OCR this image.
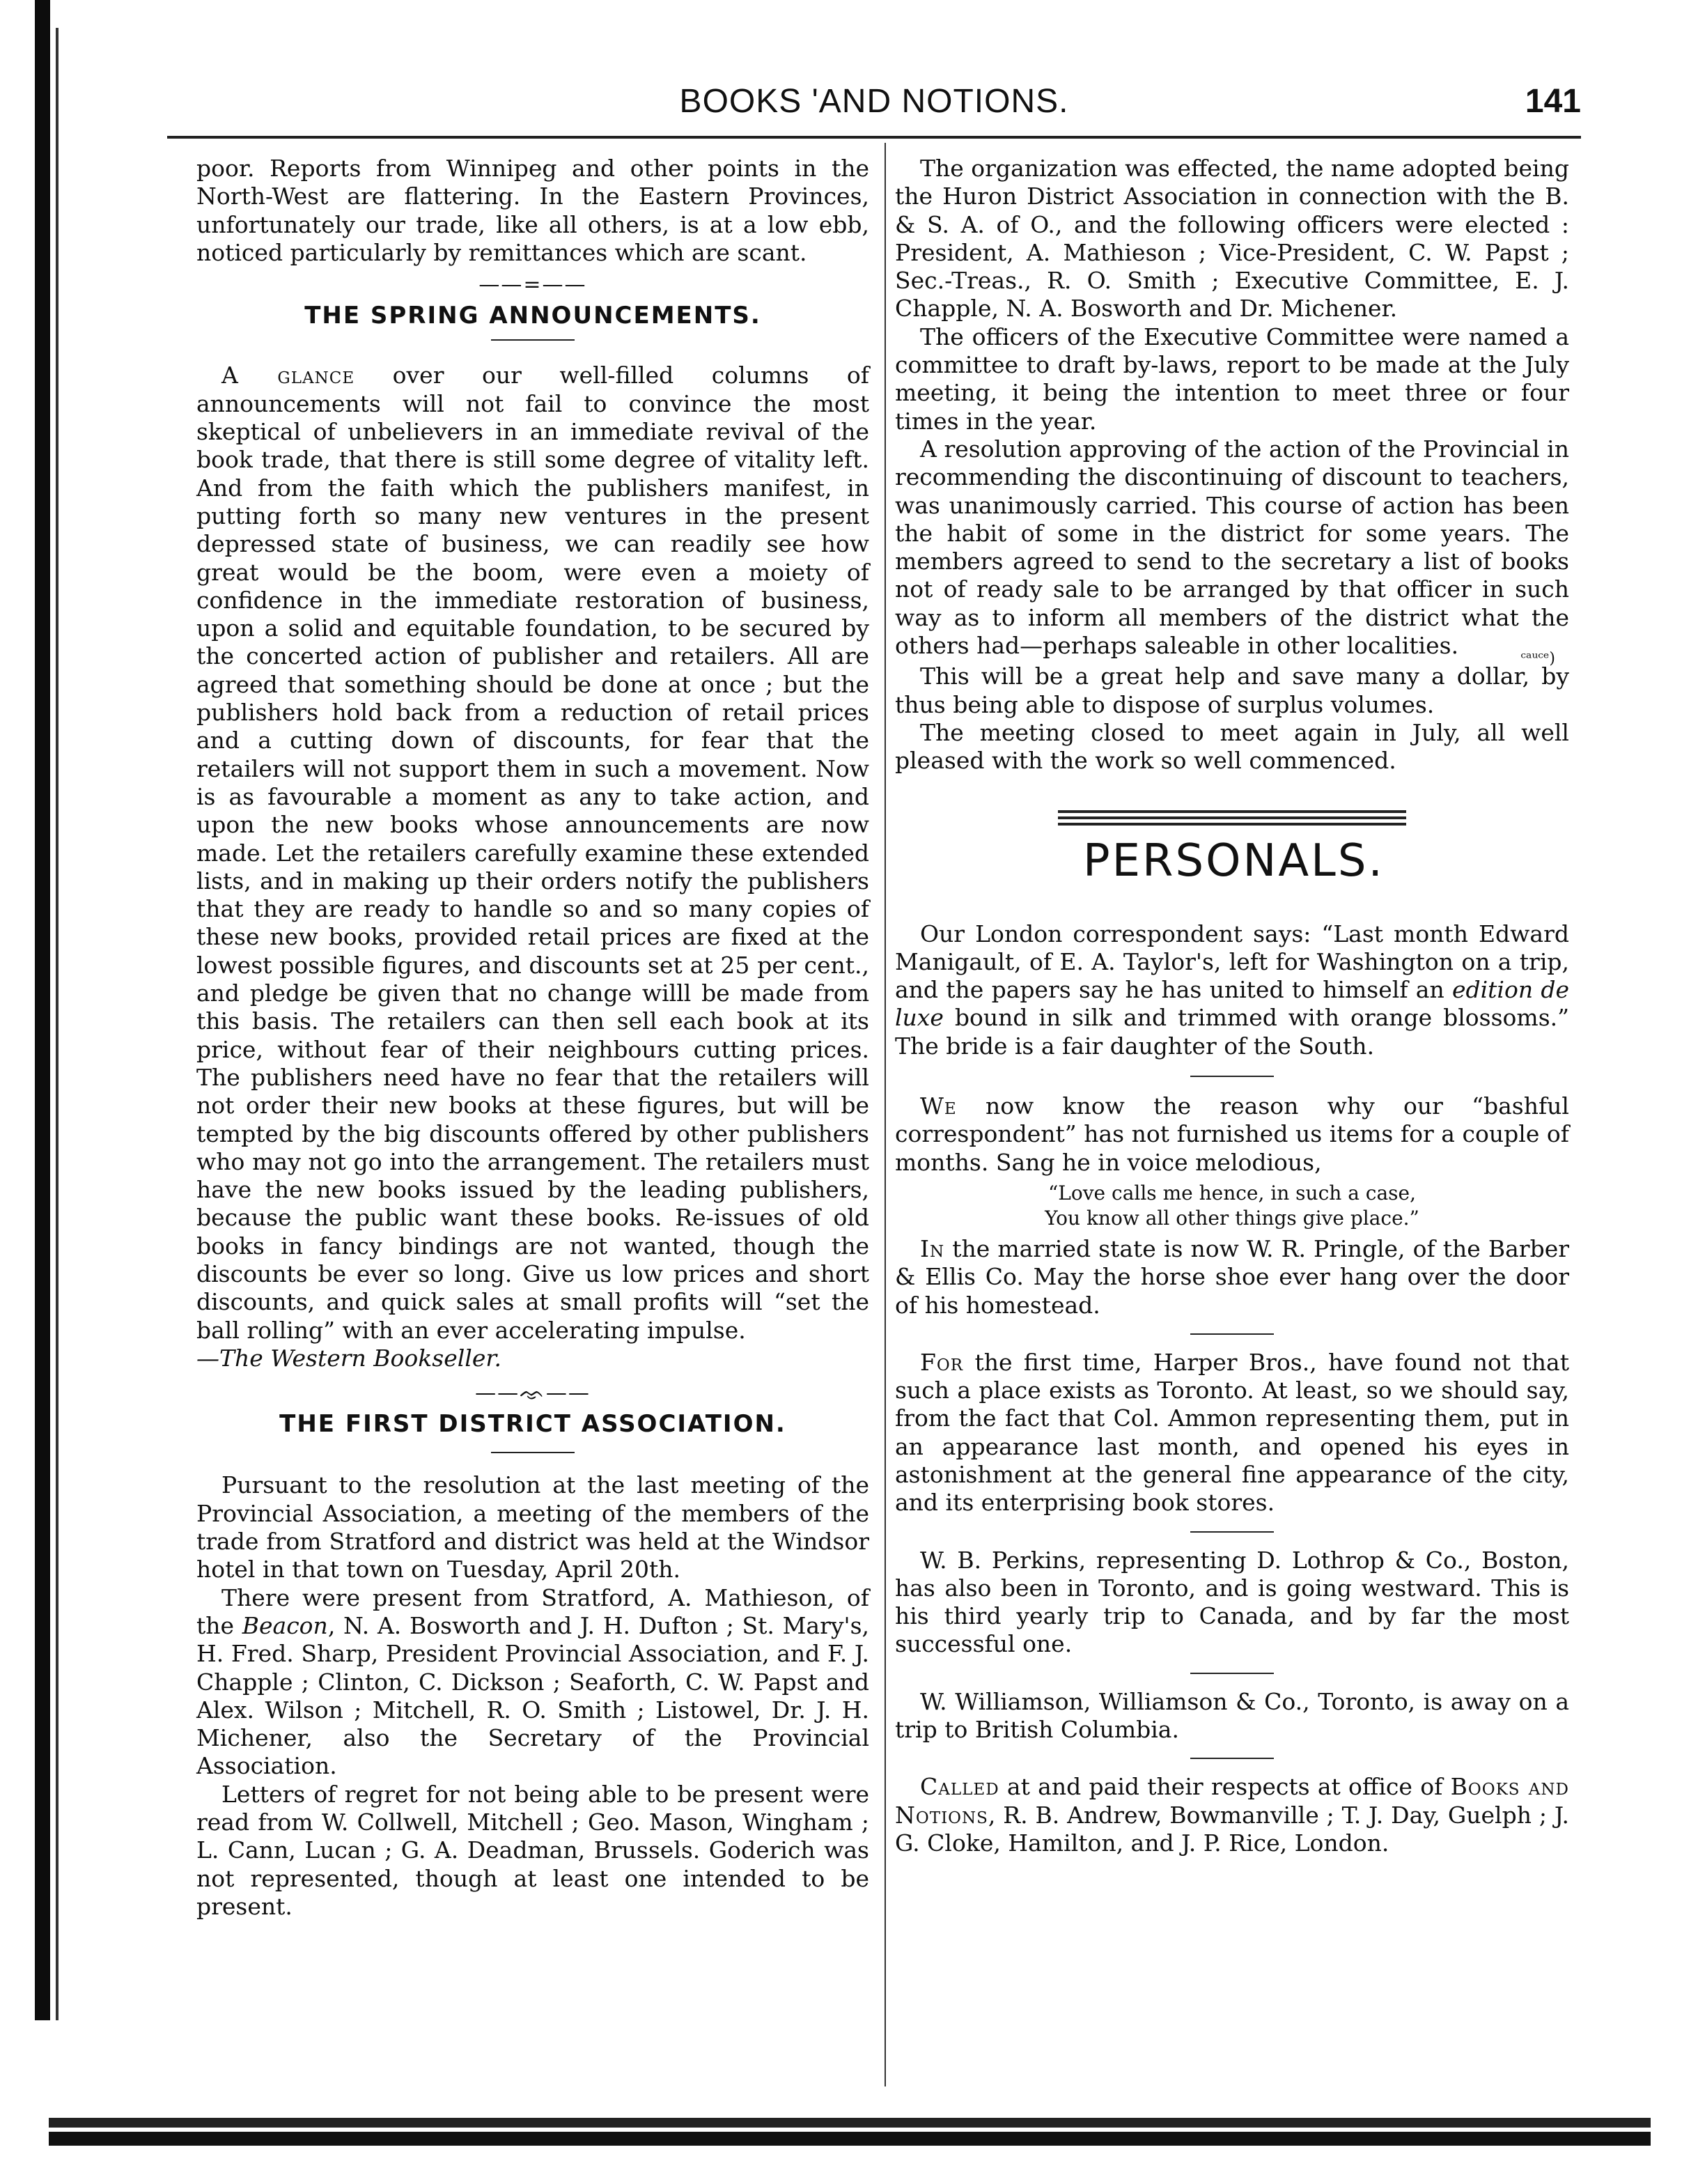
BOOKS 'AND NOTIONS.	141

poor. Reports from Winnipeg and other points in the North-West are flattering. In the Eastern Provinces, unfortunately our trade, like all others, is at a low ebb, noticed particularly by remittances which are scant.

——=——
THE SPRING ANNOUNCEMENTS.

A glance over our well-filled columns of announcements will not fail to convince the most skeptical of unbelievers in an immediate revival of the book trade, that there is still some degree of vitality left. And from the faith which the publishers manifest, in putting forth so many new ventures in the present depressed state of business, we can readily see how great would be the boom, were even a moiety of confidence in the immediate restoration of business, upon a solid and equitable foundation, to be secured by the concerted action of publisher and retailers. All are agreed that something should be done at once ; but the publishers hold back from a reduction of retail prices and a cutting down of discounts, for fear that the retailers will not support them in such a movement. Now is as favourable a moment as any to take action, and upon the new books whose announcements are now made. Let the retailers carefully examine these extended lists, and in making up their orders notify the publishers that they are ready to handle so and so many copies of these new books, provided retail prices are fixed at the lowest possible figures, and discounts set at 25 per cent., and pledge be given that no change willl be made from this basis. The retailers can then sell each book at its price, without fear of their neighbours cutting prices. The publishers need have no fear that the retailers will not order their new books at these figures, but will be tempted by the big discounts offered by other publishers who may not go into the arrangement. The retailers must have the new books issued by the leading publishers, because the public want these books. Re-issues of old books in fancy bindings are not wanted, though the discounts be ever so long. Give us low prices and short discounts, and quick sales at small profits will “set the ball rolling” with an ever accelerating impulse.

—The Western Bookseller.

——ᨎ——
THE FIRST DISTRICT ASSOCIATION.

Pursuant to the resolution at the last meeting of the Provincial Association, a meeting of the members of the trade from Stratford and district was held at the Windsor hotel in that town on Tuesday, April 20th.

There were present from Stratford, A. Mathieson, of the Beacon, N. A. Bosworth and J. H. Dufton ; St. Mary's, H. Fred. Sharp, President Provincial Association, and F. J. Chapple ; Clinton, C. Dickson ; Seaforth, C. W. Papst and Alex. Wilson ; Mitchell, R. O. Smith ; Listowel, Dr. J. H. Michener, also the Secretary of the Provincial Association.

Letters of regret for not being able to be present were read from W. Collwell, Mitchell ; Geo. Mason, Wingham ; L. Cann, Lucan ; G. A. Deadman, Brussels. Goderich was not represented, though at least one intended to be present.

The organization was effected, the name adopted being the Huron District Association in connection with the B. & S. A. of O., and the following officers were elected : President, A. Mathieson ; Vice-President, C. W. Papst ; Sec.-Treas., R. O. Smith ; Executive Committee, E. J. Chapple, N. A. Bosworth and Dr. Michener.

The officers of the Executive Committee were named a committee to draft by-laws, report to be made at the July meeting, it being the intention to meet three or four times in the year.

A resolution approving of the action of the Provincial in recommending the discontinuing of discount to teachers, was unanimously carried. This course of action has been the habit of some in the district for some years. The members agreed to send to the secretary a list of books not of ready sale to be arranged by that officer in such way as to inform all members of the district what the others had—perhaps saleable in other localities.	ᶜᵃᵘᶜᵉ)

This will be a great help and save many a dollar, by thus being able to dispose of surplus volumes.

The meeting closed to meet again in July, all well pleased with the work so well commenced.

PERSONALS.

Our London correspondent says: “Last month Edward Manigault, of E. A. Taylor's, left for Washington on a trip, and the papers say he has united to himself an edition de luxe bound in silk and trimmed with orange blossoms.” The bride is a fair daughter of the South.

We now know the reason why our “bashful correspondent” has not furnished us items for a couple of months. Sang he in voice melodious,

“Love calls me hence, in such a case,
You know all other things give place.”

In the married state is now W. R. Pringle, of the Barber & Ellis Co. May the horse shoe ever hang over the door of his homestead.

For the first time, Harper Bros., have found not that such a place exists as Toronto. At least, so we should say, from the fact that Col. Ammon representing them, put in an appearance last month, and opened his eyes in astonishment at the general fine appearance of the city, and its enterprising book stores.

W. B. Perkins, representing D. Lothrop & Co., Boston, has also been in Toronto, and is going westward. This is his third yearly trip to Canada, and by far the most successful one.

W. Williamson, Williamson & Co., Toronto, is away on a trip to British Columbia.

Called at and paid their respects at office of Books and Notions, R. B. Andrew, Bowmanville ; T. J. Day, Guelph ; J. G. Cloke, Hamilton, and J. P. Rice, London.
